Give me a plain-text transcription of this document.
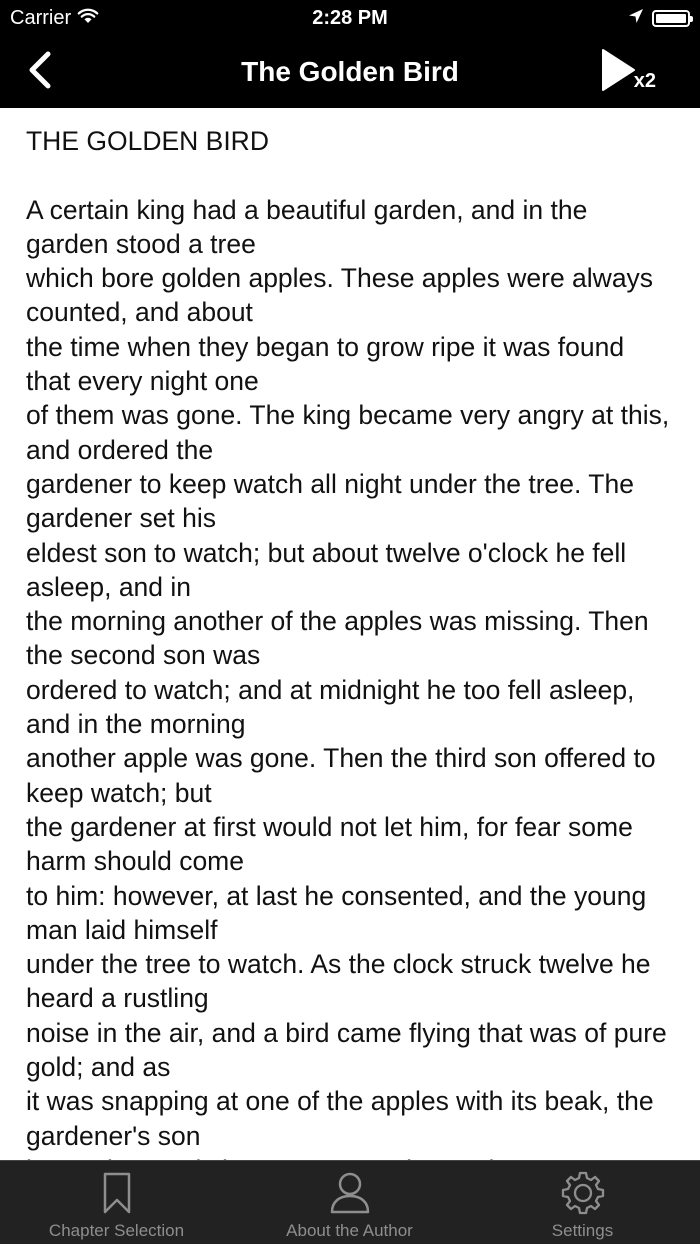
Carrier	2:28 PM
The Golden Bird	x2
THE GOLDEN BIRD

A certain king had a beautiful garden, and in the garden stood a tree
which bore golden apples. These apples were always counted, and about
the time when they began to grow ripe it was found that every night one
of them was gone. The king became very angry at this, and ordered the
gardener to keep watch all night under the tree. The gardener set his
eldest son to watch; but about twelve o'clock he fell asleep, and in
the morning another of the apples was missing. Then the second son was
ordered to watch; and at midnight he too fell asleep, and in the morning
another apple was gone. Then the third son offered to keep watch; but
the gardener at first would not let him, for fear some harm should come
to him: however, at last he consented, and the young man laid himself
under the tree to watch. As the clock struck twelve he heard a rustling
noise in the air, and a bird came flying that was of pure gold; and as
it was snapping at one of the apples with its beak, the gardener's son

Chapter Selection	About the Author	Settings
